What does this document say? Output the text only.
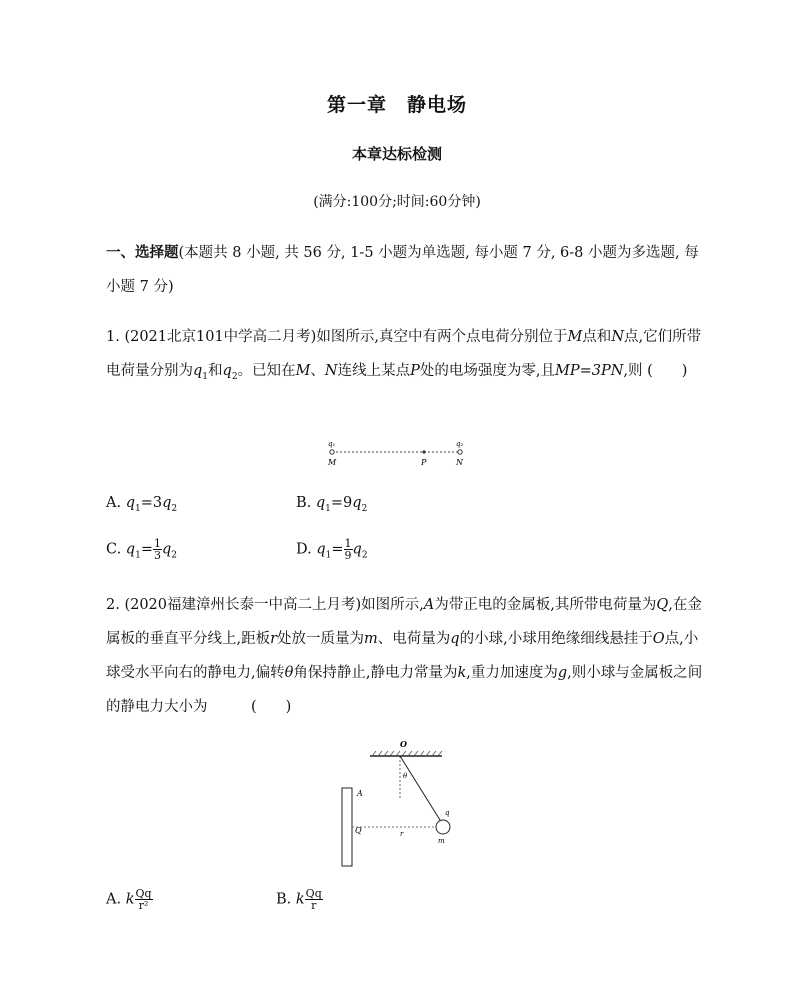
第一章　静电场
本章达标检测
(满分:100分;时间:60分钟)
一、选择题(本题共 8 小题, 共 56 分, 1-5 小题为单选题, 每小题 7 分, 6-8 小题为多选题, 每小题 7 分)
1. (2021北京101中学高二月考)如图所示,真空中有两个点电荷分别位于M点和N点,它们所带电荷量分别为$q_1$和$q_2$。已知在M、N连线上某点P处的电场强度为零,且MP=3PN,则 (　　)
q₁	q₂
M	P	N
A. $q_1=3q_2$	B. $q_1=9q_2$
C. $q_1= \frac{1}{3} q_2$	D. $q_1= \frac{1}{9} q_2$
2. (2020福建漳州长泰一中高二上月考)如图所示,A为带正电的金属板,其所带电荷量为Q,在金属板的垂直平分线上,距板r处放一质量为m、电荷量为q的小球,小球用绝缘细线悬挂于O点,小球受水平向右的静电力,偏转θ角保持静止,静电力常量为k,重力加速度为g,则小球与金属板之间的静电力大小为　　　(　　)
O
θ
A
Q	r
q
m
A. k $\frac{Qq}{\text{r²}}$	B. k $\frac{Qq}{r}$
